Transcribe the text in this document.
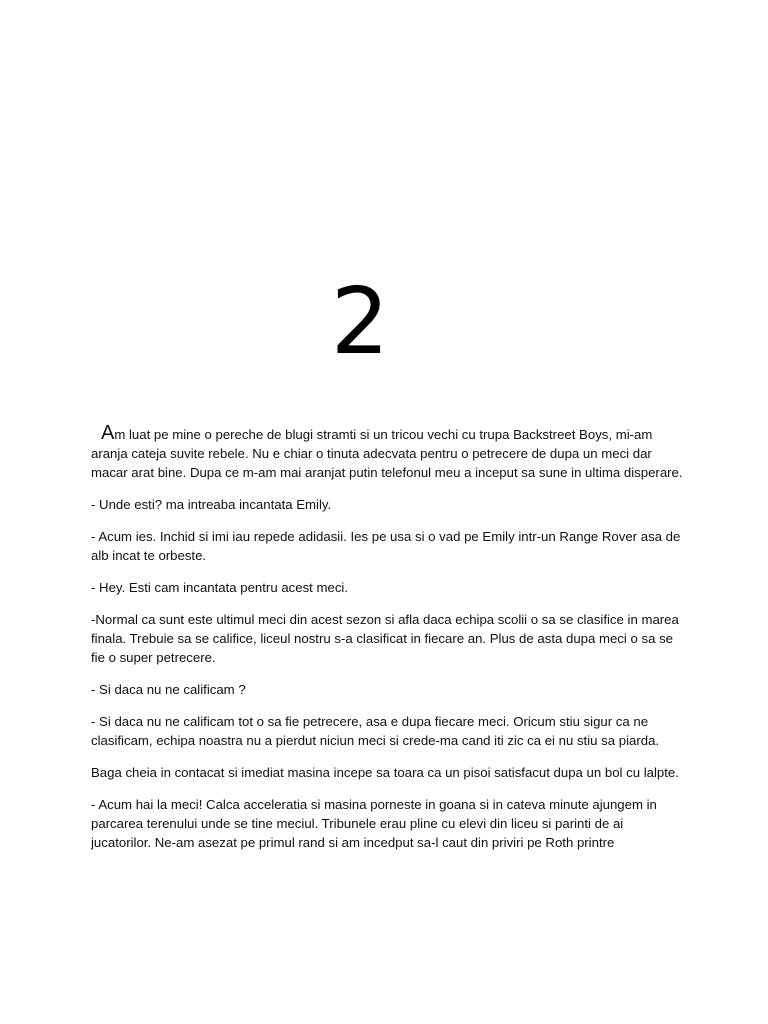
2

Am luat pe mine o pereche de blugi stramti si un tricou vechi cu trupa Backstreet Boys, mi-am aranja cateja suvite rebele. Nu e chiar o tinuta adecvata pentru o petrecere de dupa un meci dar macar arat bine. Dupa ce m-am mai aranjat putin telefonul meu a inceput sa sune in ultima disperare.

- Unde esti? ma intreaba incantata Emily.

- Acum ies. Inchid si imi iau repede adidasii. Ies pe usa si o vad pe Emily intr-un Range Rover asa de alb incat te orbeste.

- Hey. Esti cam incantata pentru acest meci.

-Normal ca sunt este ultimul meci din acest sezon si afla daca echipa scolii o sa se clasifice in marea finala. Trebuie sa se califice, liceul nostru s-a clasificat in fiecare an. Plus de asta dupa meci o sa se fie o super petrecere.

- Si daca nu ne calificam ?

- Si daca nu ne calificam tot o sa fie petrecere, asa e dupa fiecare meci. Oricum stiu sigur ca ne clasificam, echipa noastra nu a pierdut niciun meci si crede-ma cand iti zic ca ei nu stiu sa piarda.

Baga cheia in contacat si imediat masina incepe sa toara ca un pisoi satisfacut dupa un bol cu lalpte.

- Acum hai la meci! Calca acceleratia si masina porneste in goana si in cateva minute ajungem in parcarea terenului unde se tine meciul. Tribunele erau pline cu elevi din liceu si parinti de ai jucatorilor. Ne-am asezat pe primul rand si am incedput sa-l caut din priviri pe Roth printre
